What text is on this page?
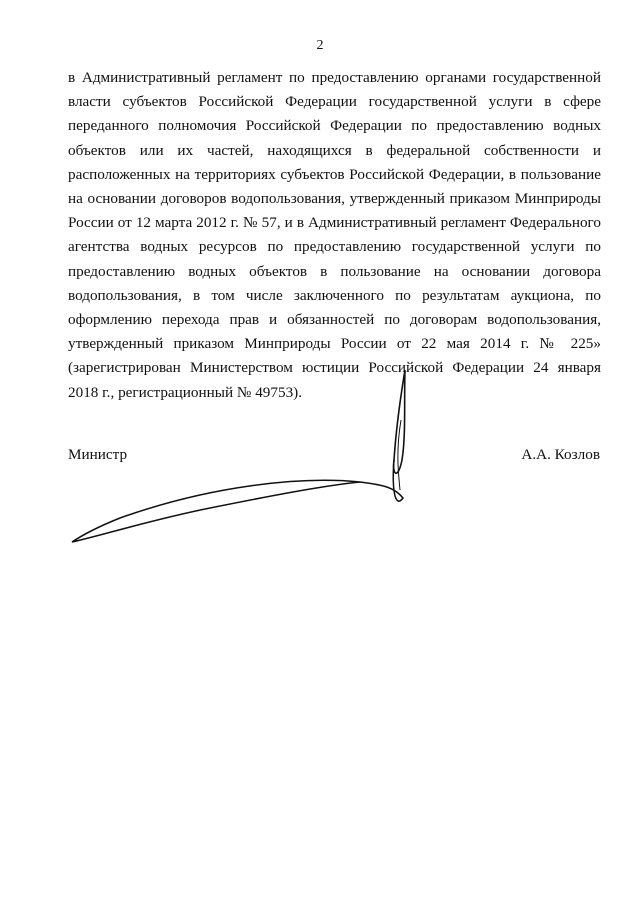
2

в Административный регламент по предоставлению органами государственной власти субъектов Российской Федерации государственной услуги в сфере переданного полномочия Российской Федерации по предоставлению водных объектов или их частей, находящихся в федеральной собственности и расположенных на территориях субъектов Российской Федерации, в пользование на основании договоров водопользования, утвержденный приказом Минприроды России от 12 марта 2012 г. № 57, и в Административный регламент Федерального агентства водных ресурсов по предоставлению государственной услуги по предоставлению водных объектов в пользование на основании договора водопользования, в том числе заключенного по результатам аукциона, по оформлению перехода прав и обязанностей по договорам водопользования, утвержденный приказом Минприроды России от 22 мая 2014 г. № 225» (зарегистрирован Министерством юстиции Российской Федерации 24 января 2018 г., регистрационный № 49753).

Министр	А.А. Козлов
